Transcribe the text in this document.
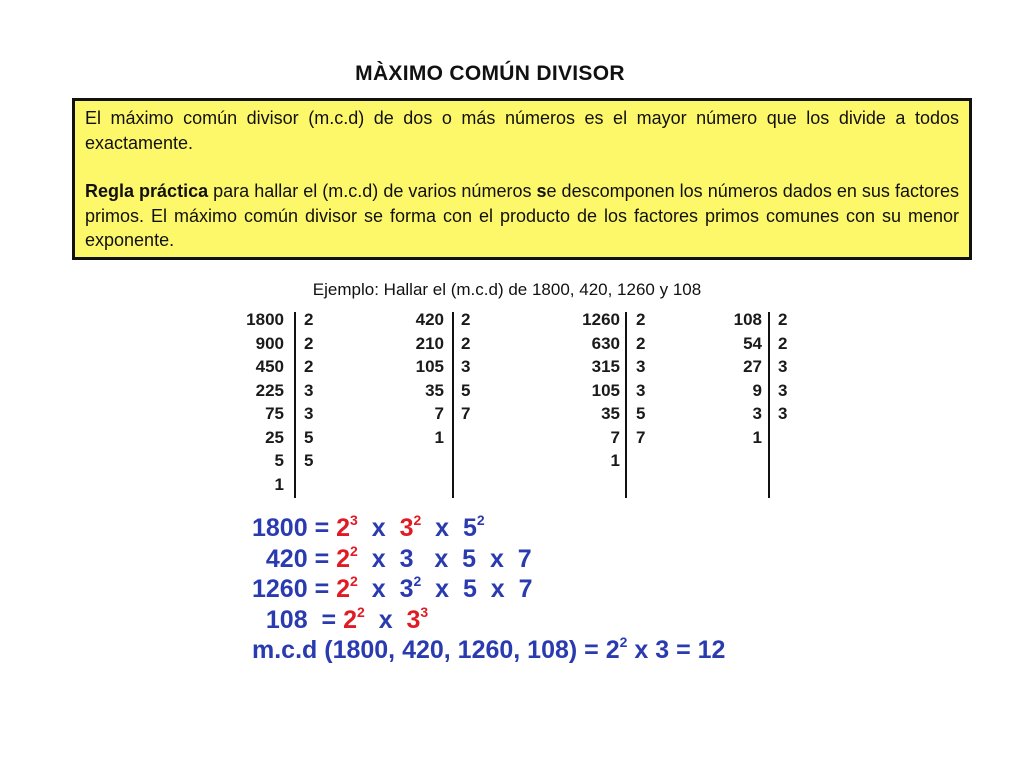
MÀXIMO COMÚN DIVISOR

El máximo común divisor (m.c.d) de dos o más números es el mayor número que los divide a todos exactamente.

Regla práctica para hallar el (m.c.d) de varios números se descomponen los números dados en sus factores primos. El máximo común divisor se forma con el producto de los factores primos comunes con su menor exponente.

Ejemplo: Hallar el (m.c.d) de 1800, 420, 1260 y 108
1800 2
900 2
450 2
225 3
75 3
25 5
5 5
1
420 2
210 2
105 3
35 5
7 7
1
1260 2
630 2
315 3
105 3
35 5
7 7
1
108 2
54 2
27 3
9 3
3 3
1
$1800 = 2^3$ x $3^2$ x $5^2$
$420 = 2^2$ x 3 x 5 x 7
$1260 = 2^2$ x $3^2$ x 5 x 7
$108 = 2^2$ x $3^3$
m.c.d (1800, 420, 1260, $108) = 2^2$ x 3 = 12
